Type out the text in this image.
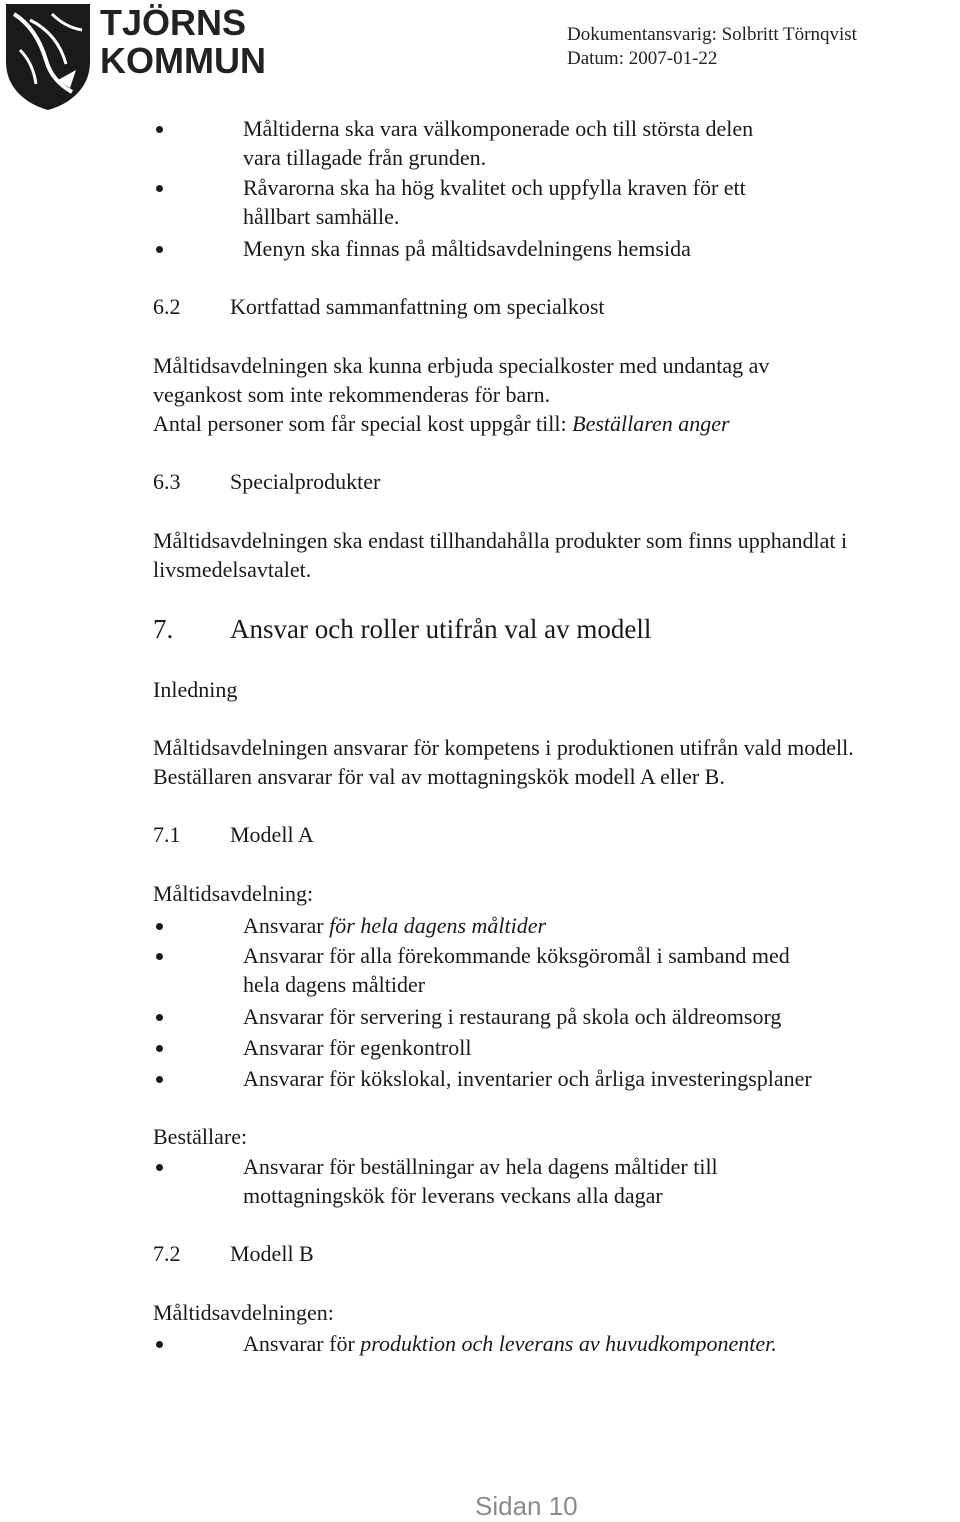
TJÖRNS
KOMMUN
Dokumentansvarig: Solbritt Törnqvist
Datum: 2007-01-22
Måltiderna ska vara välkomponerade och till största delen
vara tillagade från grunden.
Råvarorna ska ha hög kvalitet och uppfylla kraven för ett
hållbart samhälle.
Menyn ska finnas på måltidsavdelningens hemsida
6.2 Kortfattad sammanfattning om specialkost
Måltidsavdelningen ska kunna erbjuda specialkoster med undantag av
vegankost som inte rekommenderas för barn.
Antal personer som får special kost uppgår till: Beställaren anger
6.3 Specialprodukter
Måltidsavdelningen ska endast tillhandahålla produkter som finns upphandlat i
livsmedelsavtalet.
7. Ansvar och roller utifrån val av modell
Inledning
Måltidsavdelningen ansvarar för kompetens i produktionen utifrån vald modell.
Beställaren ansvarar för val av mottagningskök modell A eller B.
7.1 Modell A
Måltidsavdelning:
Ansvarar för hela dagens måltider
Ansvarar för alla förekommande köksgöromål i samband med
hela dagens måltider
Ansvarar för servering i restaurang på skola och äldreomsorg
Ansvarar för egenkontroll
Ansvarar för kökslokal, inventarier och årliga investeringsplaner
Beställare:
Ansvarar för beställningar av hela dagens måltider till
mottagningskök för leverans veckans alla dagar
7.2 Modell B
Måltidsavdelningen:
Ansvarar för produktion och leverans av huvudkomponenter.
Sidan 10
